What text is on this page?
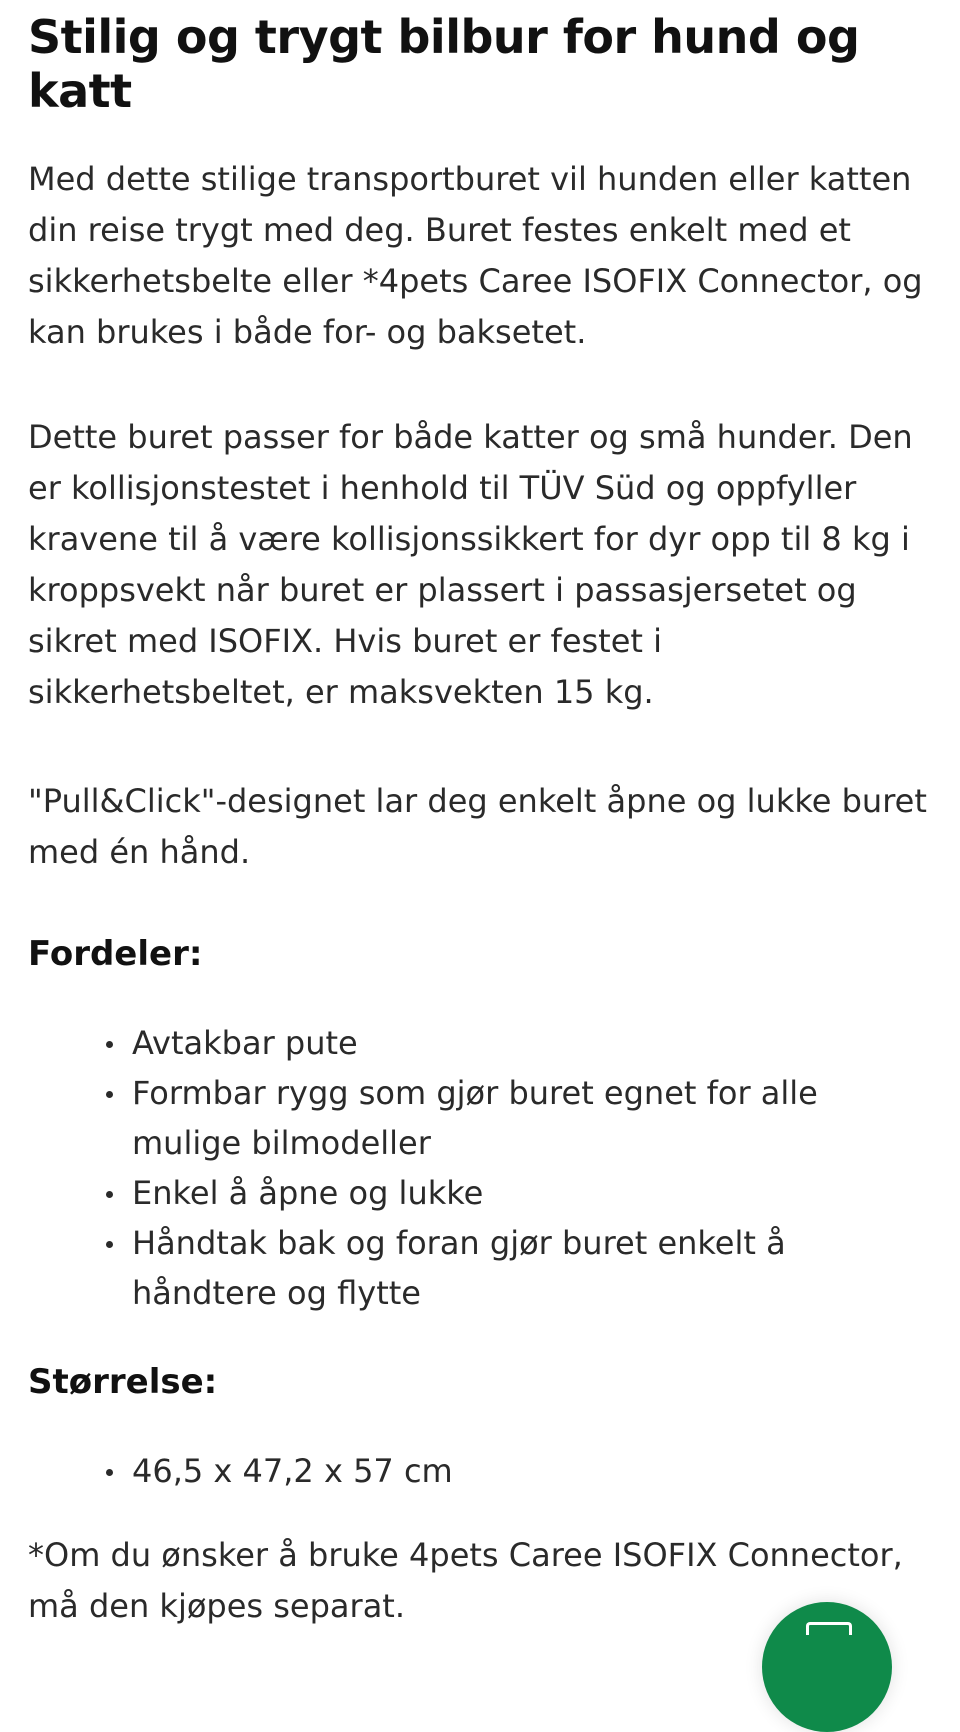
Stilig og trygt bilbur for hund og katt

Med dette stilige transportburet vil hunden eller katten din reise trygt med deg. Buret festes enkelt med et sikkerhetsbelte eller *4pets Caree ISOFIX Connector, og kan brukes i både for- og baksetet.

Dette buret passer for både katter og små hunder. Den er kollisjonstestet i henhold til TÜV Süd og oppfyller kravene til å være kollisjonssikkert for dyr opp til 8 kg i kroppsvekt når buret er plassert i passasjersetet og sikret med ISOFIX. Hvis buret er festet i sikkerhetsbeltet, er maksvekten 15 kg.

"Pull&Click"-designet lar deg enkelt åpne og lukke buret med én hånd.

Fordeler:
Avtakbar pute
Formbar rygg som gjør buret egnet for alle mulige bilmodeller
Enkel å åpne og lukke
Håndtak bak og foran gjør buret enkelt å håndtere og flytte
Størrelse:
46,5 x 47,2 x 57 cm

*Om du ønsker å bruke 4pets Caree ISOFIX Connector, må den kjøpes separat.
